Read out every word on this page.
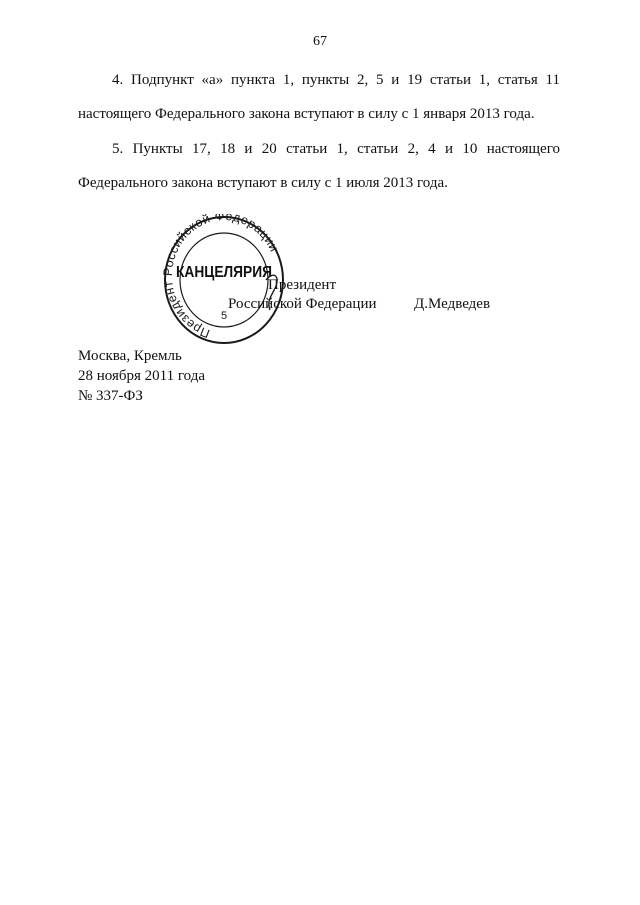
67
4. Подпункт «а» пункта 1, пункты 2, 5 и 19 статьи 1, статья 11
настоящего Федерального закона вступают в силу с 1 января 2013 года.
5. Пункты 17, 18 и 20 статьи 1, статьи 2, 4 и 10 настоящего
Федерального закона вступают в силу с 1 июля 2013 года.
Президент
Российской Федерации Д.Медведев
Президент Российской Федерации
КАНЦЕЛЯРИЯ
5
Москва, Кремль
28 ноября 2011 года
№ 337-ФЗ
